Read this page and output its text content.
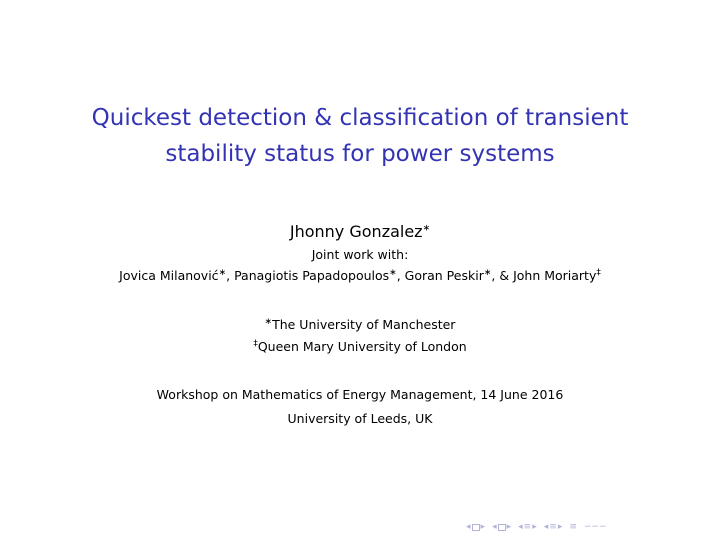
Quickest detection & classification of transient
stability status for power systems
Jhonny Gonzalez∗
Joint work with:
Jovica Milanović∗, Panagiotis Papadopoulos∗, Goran Peskir∗, & John Moriarty‡
∗The University of Manchester
‡Queen Mary University of London
Workshop on Mathematics of Energy Management, 14 June 2016
University of Leeds, UK
◂ ▸ ◂ ▸ ◂ ≡ ▸ ◂ ≡ ▸ ≡ ∽∽∽
